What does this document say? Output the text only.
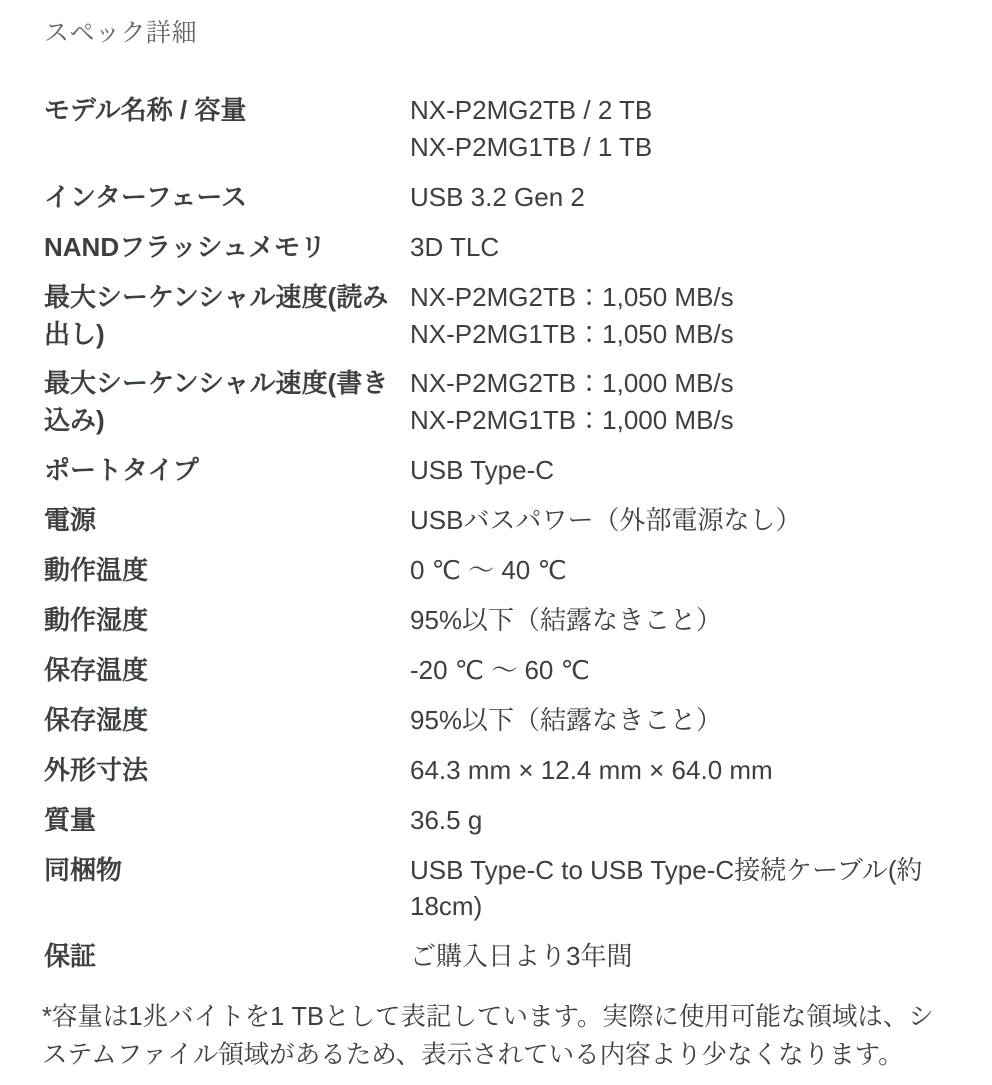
スペック詳細
モデル名称 / 容量	NX-P2MG2TB / 2 TB
NX-P2MG1TB / 1 TB

インターフェース	USB 3.2 Gen 2

NANDフラッシュメモリ	3D TLC

最大シーケンシャル速度(読み出し)	NX-P2MG2TB：1,050 MB/s
NX-P2MG1TB：1,050 MB/s

最大シーケンシャル速度(書き込み)	NX-P2MG2TB：1,000 MB/s
NX-P2MG1TB：1,000 MB/s

ポートタイプ	USB Type-C

電源	USBバスパワー（外部電源なし）

動作温度	0 ℃ 〜 40 ℃

動作湿度	95%以下（結露なきこと）

保存温度	-20 ℃ 〜 60 ℃

保存湿度	95%以下（結露なきこと）

外形寸法	64.3 mm × 12.4 mm × 64.0 mm

質量	36.5 g

同梱物	USB Type-C to USB Type-C接続ケーブル(約18cm)

保証	ご購入日より3年間

*容量は1兆バイトを1 TBとして表記しています。実際に使用可能な領域は、システムファイル領域があるため、表示されている内容より少なくなります。
